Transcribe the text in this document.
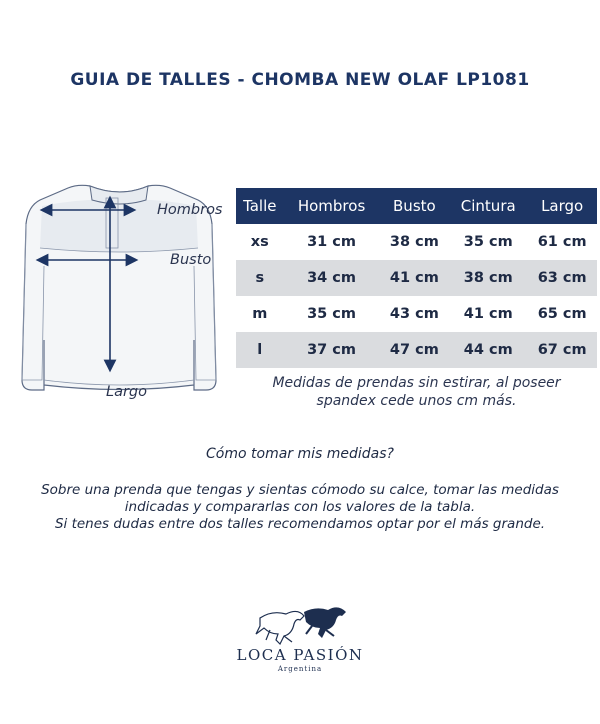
GUIA DE TALLES - CHOMBA NEW OLAF LP1081
Hombros
Busto
Largo
Talle	Hombros	Busto	Cintura	Largo
xs	31 cm	38 cm	35 cm	61 cm
s	34 cm	41 cm	38 cm	63 cm
m	35 cm	43 cm	41 cm	65 cm
l	37 cm	47 cm	44 cm	67 cm
Medidas de prendas sin estirar, al poseer
spandex cede unos cm más.
Cómo tomar mis medidas?

Sobre una prenda que tengas y sientas cómodo su calce, tomar las medidas

indicadas y compararlas con los valores de la tabla.

Si tenes dudas entre dos talles recomendamos optar por el más grande.

LOCA PASIÓN
Argentina
